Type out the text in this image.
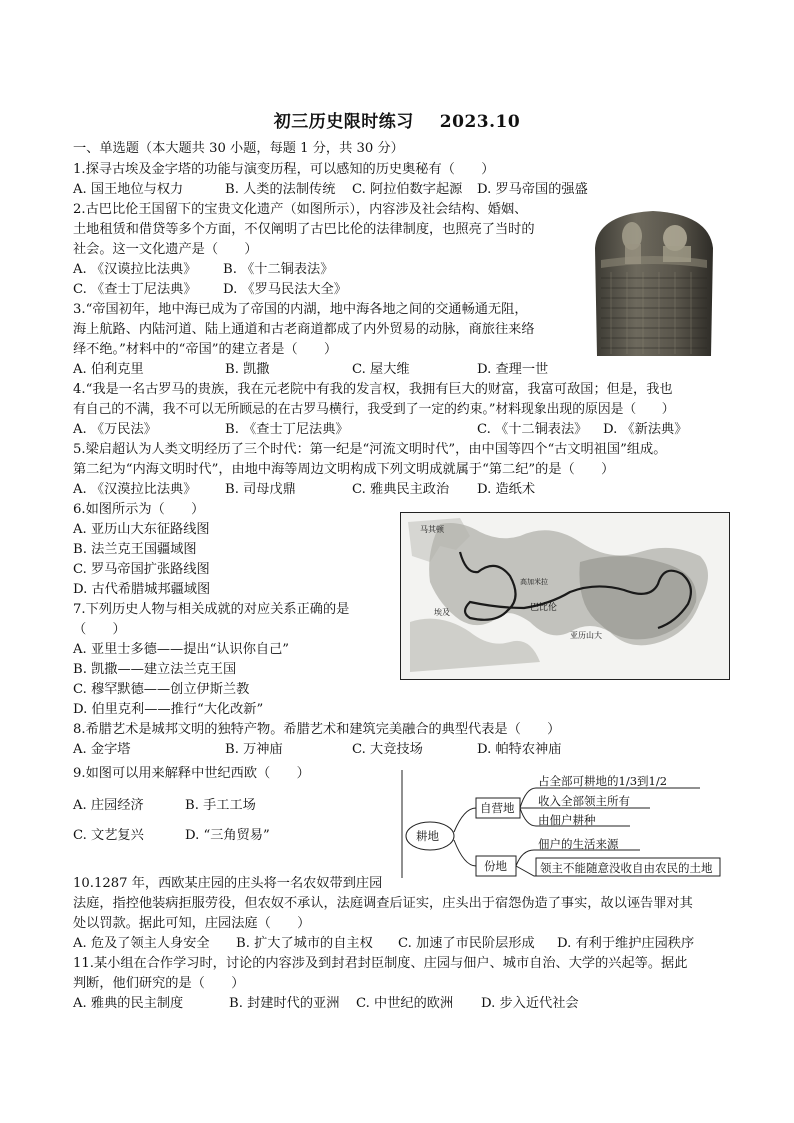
初三历史限时练习 2023.10
一、单选题（本大题共 30 小题，每题 1 分，共 30 分）
1.探寻古埃及金字塔的功能与演变历程，可以感知的历史奥秘有（　　）
A. 国王地位与权力	B. 人类的法制传统 C. 阿拉伯数字起源 D. 罗马帝国的强盛
2.古巴比伦王国留下的宝贵文化遗产（如图所示），内容涉及社会结构、婚姻、
土地租赁和借贷等多个方面，不仅阐明了古巴比伦的法律制度，也照亮了当时的
社会。这一文化遗产是（　　）
A. 《汉谟拉比法典》 B. 《十二铜表法》
C. 《查士丁尼法典》 D. 《罗马民法大全》
3.“帝国初年，地中海已成为了帝国的内湖，地中海各地之间的交通畅通无阻，
海上航路、内陆河道、陆上通道和古老商道都成了内外贸易的动脉，商旅往来络
绎不绝。”材料中的“帝国”的建立者是（　　）
A. 伯利克里	B. 凯撒	C. 屋大维	D. 查理一世
4.“我是一名古罗马的贵族，我在元老院中有我的发言权，我拥有巨大的财富，我富可敌国；但是，我也
有自己的不满，我不可以无所顾忌的在古罗马横行，我受到了一定的约束。”材料现象出现的原因是（　　）
A. 《万民法》	B. 《查士丁尼法典》	C. 《十二铜表法》 D. 《新法典》
5.梁启超认为人类文明经历了三个时代：第一纪是“河流文明时代”，由中国等四个“古文明祖国”组成。
第二纪为“内海文明时代”，由地中海等周边文明构成下列文明成就属于“第二纪”的是（　　）
A. 《汉漠拉比法典》 B. 司母戊鼎	C. 雅典民主政治 D. 造纸术
6.如图所示为（　　）
A. 亚历山大东征路线图
B. 法兰克王国疆域图
C. 罗马帝国扩张路线图
D. 古代希腊城邦疆域图
马其顿
埃及	巴比伦
高加米拉
亚历山大
7.下列历史人物与相关成就的对应关系正确的是
（　　）
A. 亚里士多德——提出“认识你自己”
B. 凯撒——建立法兰克王国
C. 穆罕默德——创立伊斯兰教
D. 伯里克利——推行“大化改新”
8.希腊艺术是城邦文明的独特产物。希腊艺术和建筑完美融合的典型代表是（　　）
A. 金字塔	B. 万神庙	C. 大竞技场	D. 帕特农神庙
9.如图可以用来解释中世纪西欧（　　）
A. 庄园经济	B. 手工工场
C. 文艺复兴	D. “三角贸易”	耕地
自营地
份地
占全部可耕地的1/3到1/2
收入全部领主所有
由佃户耕种
佃户的生活来源
领主不能随意没收自由农民的土地
10.1287 年，西欧某庄园的庄头将一名农奴带到庄园
法庭，指控他装病拒服劳役，但农奴不承认，法庭调查后证实，庄头出于宿怨伪造了事实，故以诬告罪对其
处以罚款。据此可知，庄园法庭（　　）
A. 危及了领主人身安全 B. 扩大了城市的自主权 C. 加速了市民阶层形成 D. 有利于维护庄园秩序
11.某小组在合作学习时，讨论的内容涉及到封君封臣制度、庄园与佃户、城市自治、大学的兴起等。据此
判断，他们研究的是（　　）
A. 雅典的民主制度	B. 封建时代的亚洲 C. 中世纪的欧洲 D. 步入近代社会
